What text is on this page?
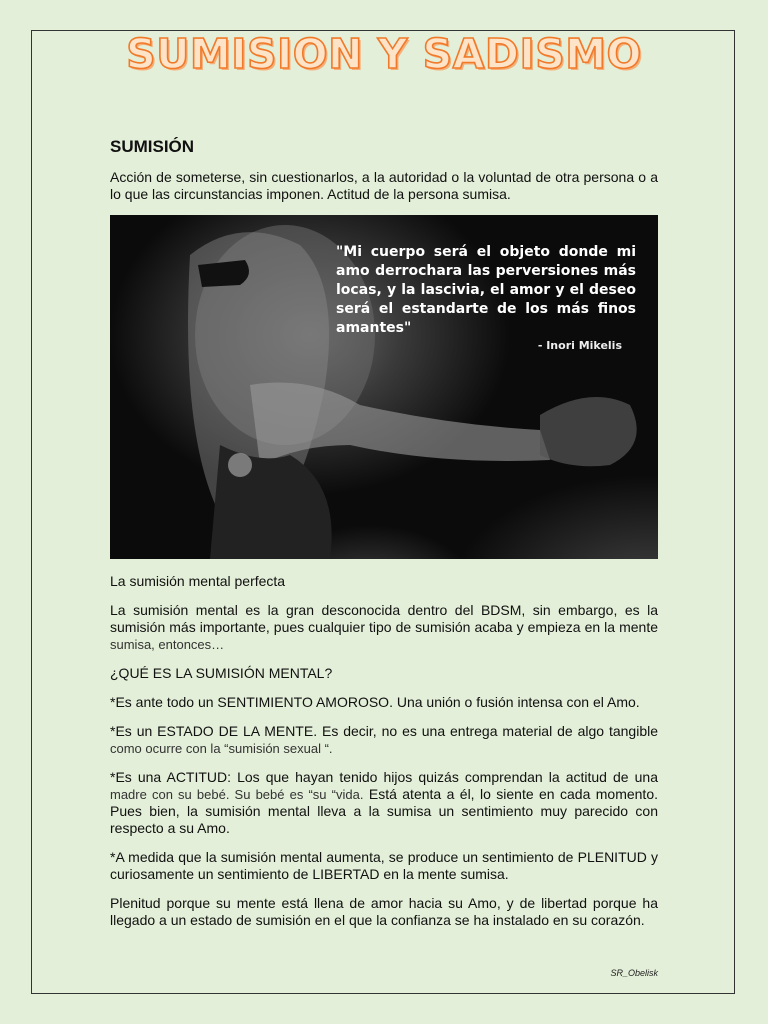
SUMISION Y SADISMO
SUMISIÓN

Acción de someterse, sin cuestionarlos, a la autoridad o la voluntad de otra persona o a lo que las circunstancias imponen. Actitud de la persona sumisa.

"Mi cuerpo será el objeto donde mi amo derrochara las perversiones más locas, y la lascivia, el amor y el deseo será el estandarte de los más finos amantes"

- Inori Mikelis

La sumisión mental perfecta

La sumisión mental es la gran desconocida dentro del BDSM, sin embargo, es la sumisión más importante, pues cualquier tipo de sumisión acaba y empieza en la mente sumisa, entonces…

¿QUÉ ES LA SUMISIÓN MENTAL?

*Es ante todo un SENTIMIENTO AMOROSO. Una unión o fusión intensa con el Amo.

*Es un ESTADO DE LA MENTE. Es decir, no es una entrega material de algo tangible como ocurre con la “sumisión sexual “.

*Es una ACTITUD: Los que hayan tenido hijos quizás comprendan la actitud de una madre con su bebé. Su bebé es “su “vida. Está atenta a él, lo siente en cada momento. Pues bien, la sumisión mental lleva a la sumisa un sentimiento muy parecido con respecto a su Amo.

*A medida que la sumisión mental aumenta, se produce un sentimiento de PLENITUD y curiosamente un sentimiento de LIBERTAD en la mente sumisa.

Plenitud porque su mente está llena de amor hacia su Amo, y de libertad porque ha llegado a un estado de sumisión en el que la confianza se ha instalado en su corazón.

SR_Obelisk
